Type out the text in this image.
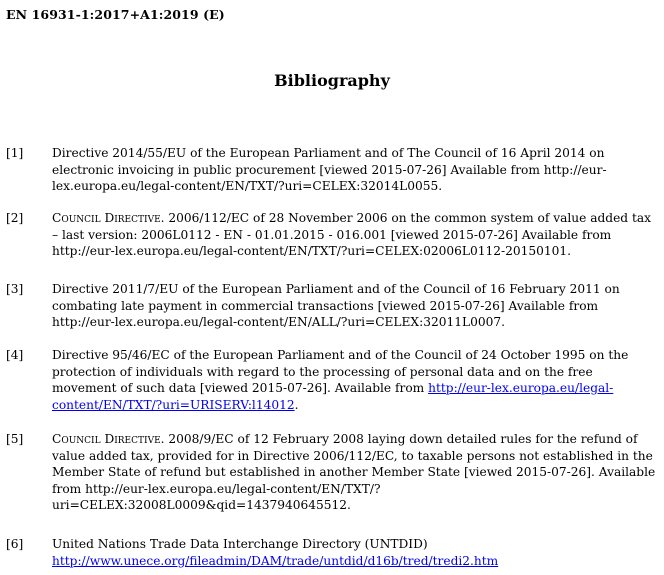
EN 16931-1:2017+A1:2019 (E)
Bibliography
[1] Directive 2014/55/EU of the European Parliament and of The Council of 16 April 2014 on electronic invoicing in public procurement [viewed 2015-07-26] Available from http://eur-lex.europa.eu/legal-content/EN/TXT/?uri=CELEX:32014L0055.
[2] Council Directive. 2006/112/EC of 28 November 2006 on the common system of value added tax – last version: 2006L0112 - EN - 01.01.2015 - 016.001 [viewed 2015-07-26] Available from http://eur-lex.europa.eu/legal-content/EN/TXT/?uri=CELEX:02006L0112-20150101.
[3] Directive 2011/7/EU of the European Parliament and of the Council of 16 February 2011 on combating late payment in commercial transactions [viewed 2015-07-26] Available from http://eur-lex.europa.eu/legal-content/EN/ALL/?uri=CELEX:32011L0007.
[4] Directive 95/46/EC of the European Parliament and of the Council of 24 October 1995 on the protection of individuals with regard to the processing of personal data and on the free movement of such data [viewed 2015-07-26]. Available from http://eur-lex.europa.eu/legal-content/EN/TXT/?uri=URISERV:l14012.
[5] Council Directive. 2008/9/EC of 12 February 2008 laying down detailed rules for the refund of value added tax, provided for in Directive 2006/112/EC, to taxable persons not established in the Member State of refund but established in another Member State [viewed 2015-07-26]. Available from http://eur-lex.europa.eu/legal-content/EN/TXT/?uri=CELEX:32008L0009&qid=1437940645512.
[6] United Nations Trade Data Interchange Directory (UNTDID)
http://www.unece.org/fileadmin/DAM/trade/untdid/d16b/tred/tredi2.htm
